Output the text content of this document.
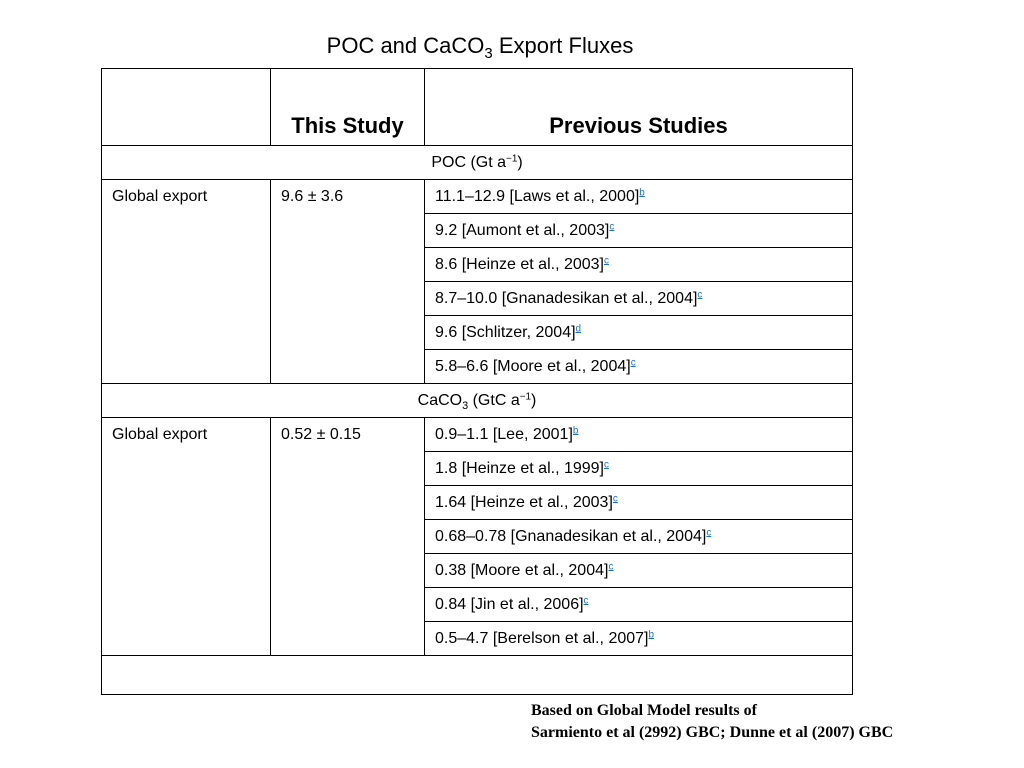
POC and CaCO$_3$ Export Fluxes
	This Study	Previous Studies
POC (Gt $a^{-1}$)		
Global export	9.6 ± 3.6	11.1–12.9 [Laws et al., 2000]$^b$
		9.2 [Aumont et al., 2003]$^c$
		8.6 [Heinze et al., 2003]$^c$
		8.7–10.0 [Gnanadesikan et al., 2004]$^c$
		9.6 [Schlitzer, 2004]$^d$
		5.8–6.6 [Moore et al., 2004]$^c$
CaCO$_3$ (GtC $a^{-1}$)		
Global export	0.52 ± 0.15	0.9–1.1 [Lee, 2001]$^b$
		1.8 [Heinze et al., 1999]$^c$
		1.64 [Heinze et al., 2003]$^c$
		0.68–0.78 [Gnanadesikan et al., 2004]$^c$
		0.38 [Moore et al., 2004]$^c$
		0.84 [Jin et al., 2006]$^c$
		0.5–4.7 [Berelson et al., 2007]$^b$

Based on Global Model results of
Sarmiento et al (2992) GBC; Dunne et al (2007) GBC
